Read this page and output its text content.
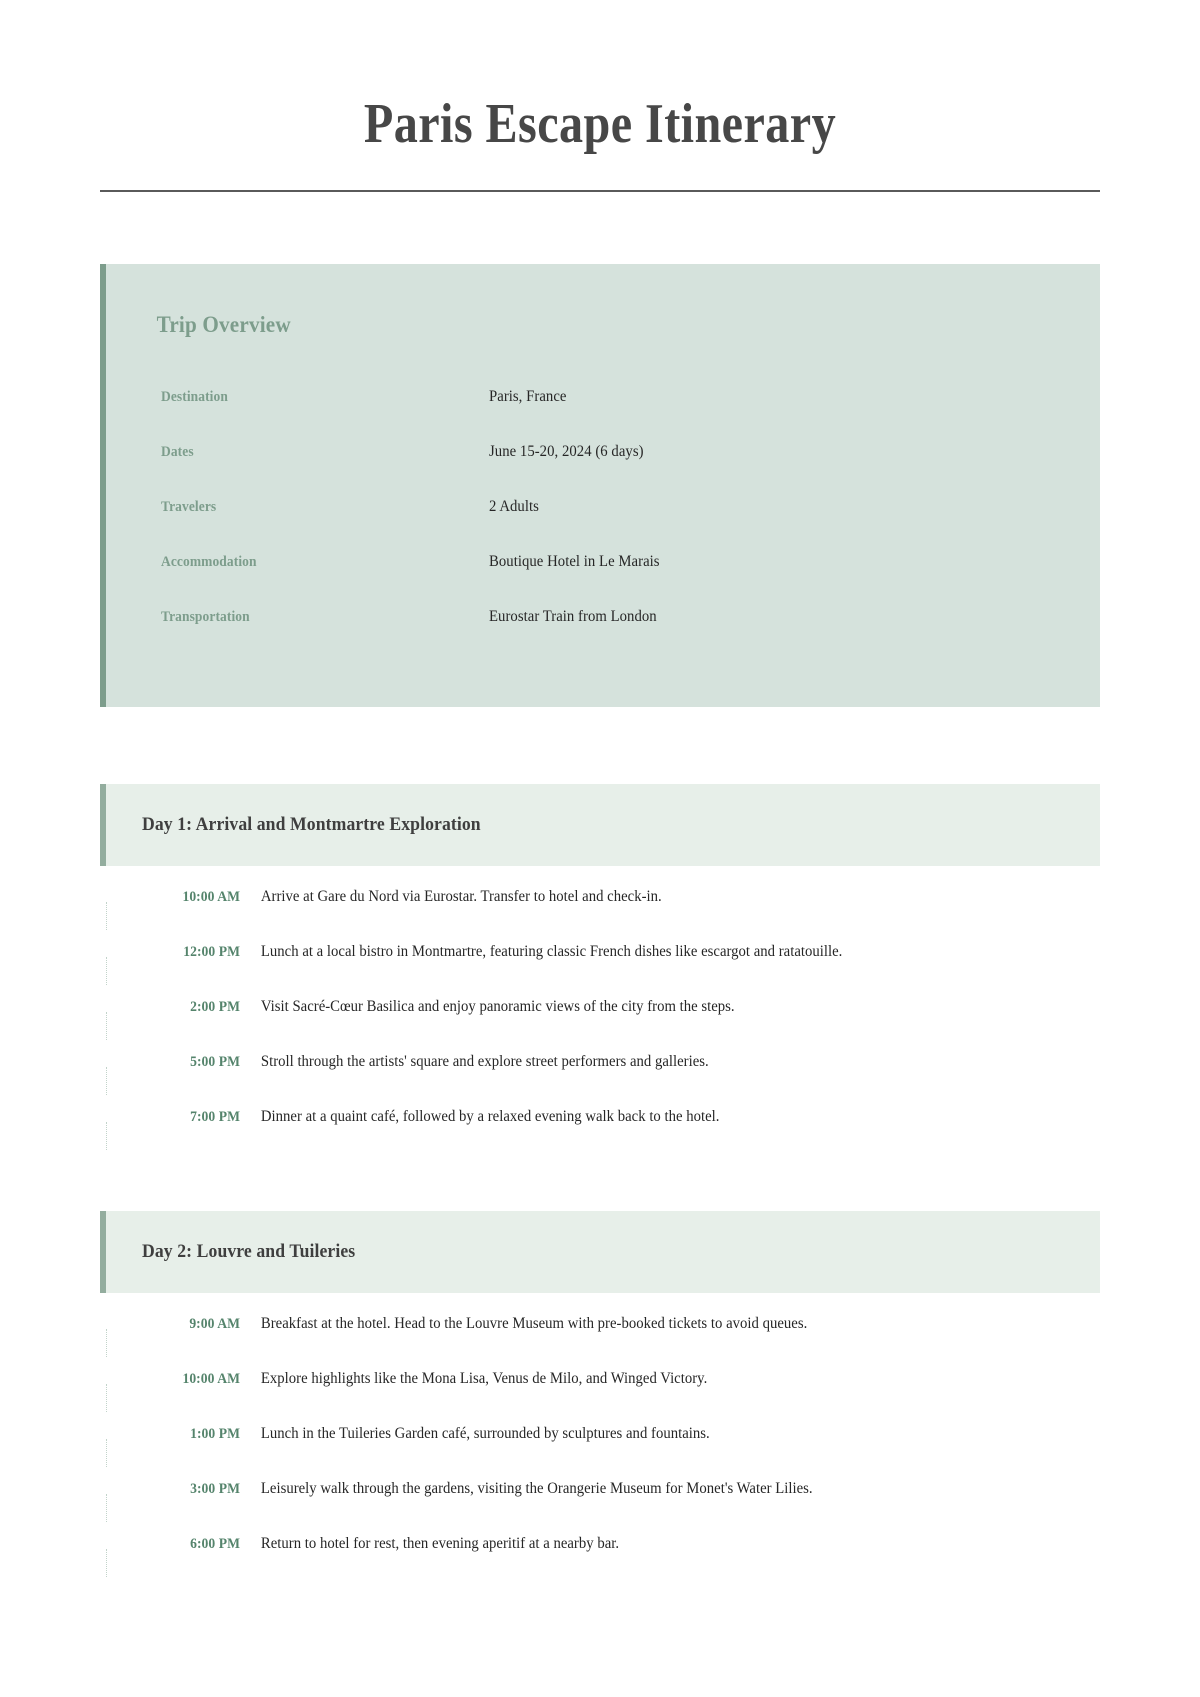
Paris Escape Itinerary
Trip Overview
Destination	Paris, France
Dates	June 15-20, 2024 (6 days)
Travelers	2 Adults
Accommodation	Boutique Hotel in Le Marais
Transportation	Eurostar Train from London
Day 1: Arrival and Montmartre Exploration
10:00 AM	Arrive at Gare du Nord via Eurostar. Transfer to hotel and check-in.
12:00 PM	Lunch at a local bistro in Montmartre, featuring classic French dishes like escargot and ratatouille.
2:00 PM	Visit Sacré-Cœur Basilica and enjoy panoramic views of the city from the steps.
5:00 PM	Stroll through the artists' square and explore street performers and galleries.
7:00 PM	Dinner at a quaint café, followed by a relaxed evening walk back to the hotel.
Day 2: Louvre and Tuileries
9:00 AM	Breakfast at the hotel. Head to the Louvre Museum with pre-booked tickets to avoid queues.
10:00 AM	Explore highlights like the Mona Lisa, Venus de Milo, and Winged Victory.
1:00 PM	Lunch in the Tuileries Garden café, surrounded by sculptures and fountains.
3:00 PM	Leisurely walk through the gardens, visiting the Orangerie Museum for Monet's Water Lilies.
6:00 PM	Return to hotel for rest, then evening aperitif at a nearby bar.
